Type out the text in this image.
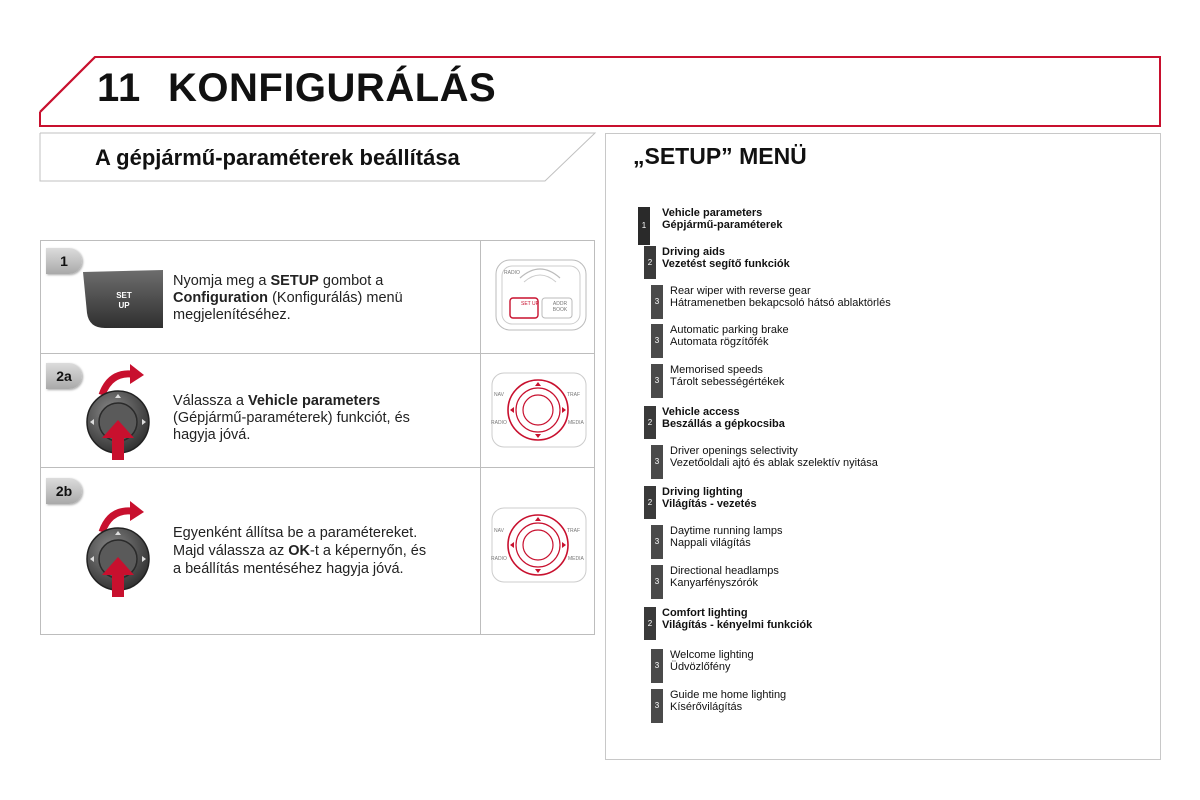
11 KONFIGURÁLÁS
A gépjármű-paraméterek beállítása
1
SET
UP
Nyomja meg a SETUP gombot a
Configuration (Konfigurálás) menü
megjelenítéséhez.
RADIO
SET UP	ADDR BOOK
2a
Válassza a Vehicle parameters
(Gépjármű-paraméterek) funkciót, és
hagyja jóvá.
NAV	TRAF
RADIO	MEDIA
2b
Egyenként állítsa be a paramétereket.
Majd válassza az OK-t a képernyőn, és
a beállítás mentéséhez hagyja jóvá.
NAV	TRAF
RADIO	MEDIA
„SETUP” MENÜ
1
Vehicle parameters
Gépjármű-paraméterek
2
Driving aids
Vezetést segítő funkciók
3
Rear wiper with reverse gear
Hátramenetben bekapcsoló hátsó ablaktörlés
3
Automatic parking brake
Automata rögzítőfék
3
Memorised speeds
Tárolt sebességértékek
2
Vehicle access
Beszállás a gépkocsiba
3
Driver openings selectivity
Vezetőoldali ajtó és ablak szelektív nyitása
2
Driving lighting
Világítás - vezetés
3
Daytime running lamps
Nappali világítás
3
Directional headlamps
Kanyarfényszórók
2
Comfort lighting
Világítás - kényelmi funkciók
3
Welcome lighting
Üdvözlőfény
3
Guide me home lighting
Kísérővilágítás
